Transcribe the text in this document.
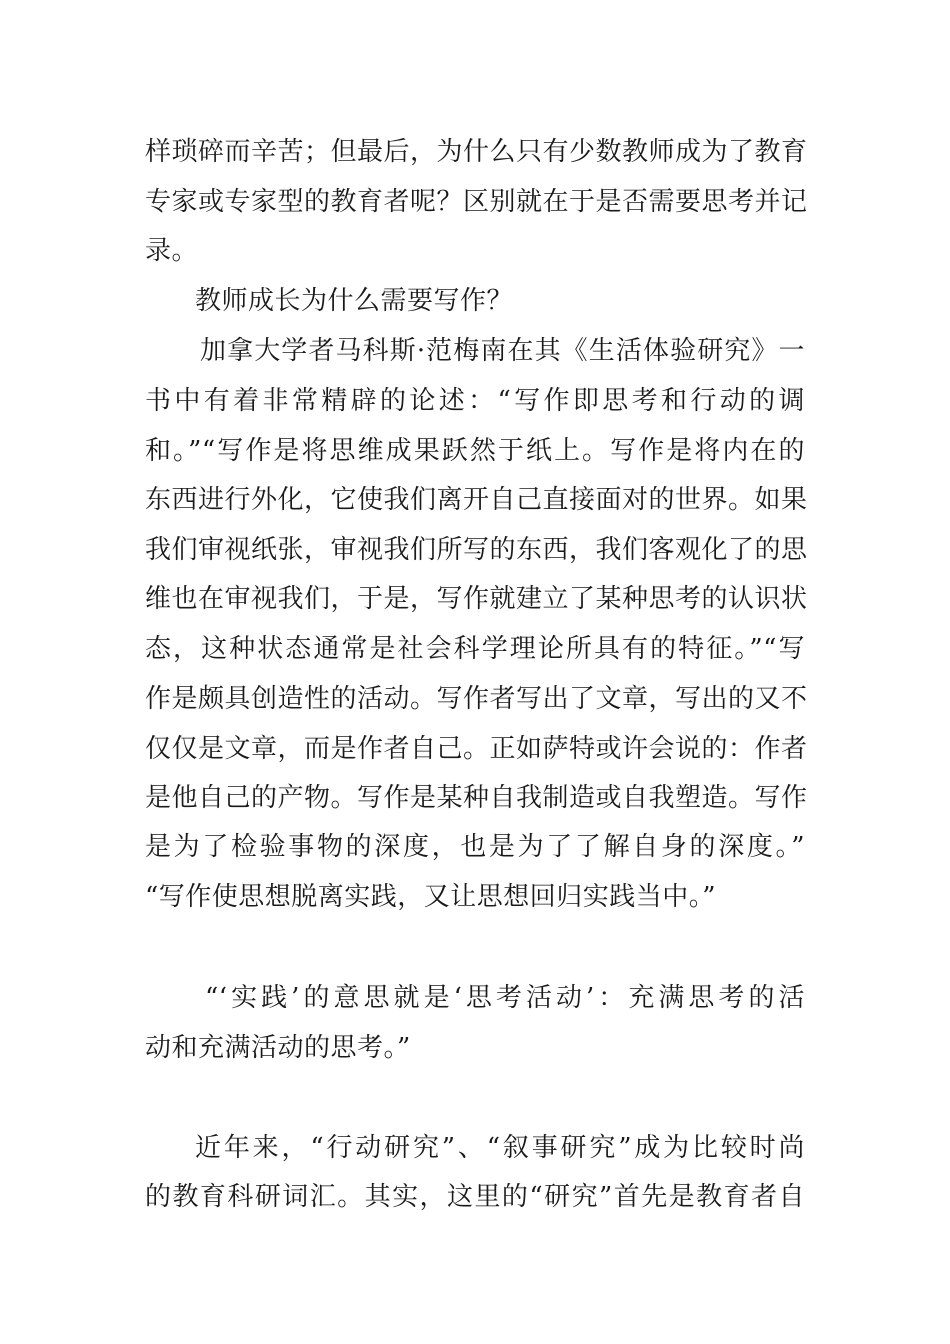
样琐碎而辛苦；但最后，为什么只有少数教师成为了教育
专家或专家型的教育者呢？区别就在于是否需要思考并记
录。
教师成长为什么需要写作？
加拿大学者马科斯·范梅南在其《生活体验研究》一
书中有着非常精辟的论述：“写作即思考和行动的调
和。”“写作是将思维成果跃然于纸上。写作是将内在的
东西进行外化，它使我们离开自己直接面对的世界。如果
我们审视纸张，审视我们所写的东西，我们客观化了的思
维也在审视我们，于是，写作就建立了某种思考的认识状
态，这种状态通常是社会科学理论所具有的特征。”“写
作是颇具创造性的活动。写作者写出了文章，写出的又不
仅仅是文章，而是作者自己。正如萨特或许会说的：作者
是他自己的产物。写作是某种自我制造或自我塑造。写作
是为了检验事物的深度，也是为了了解自身的深度。”
“写作使思想脱离实践，又让思想回归实践当中。”
“‘实践’的意思就是‘思考活动’：充满思考的活
动和充满活动的思考。”
近年来，“行动研究”、“叙事研究”成为比较时尚
的教育科研词汇。其实，这里的“研究”首先是教育者自
